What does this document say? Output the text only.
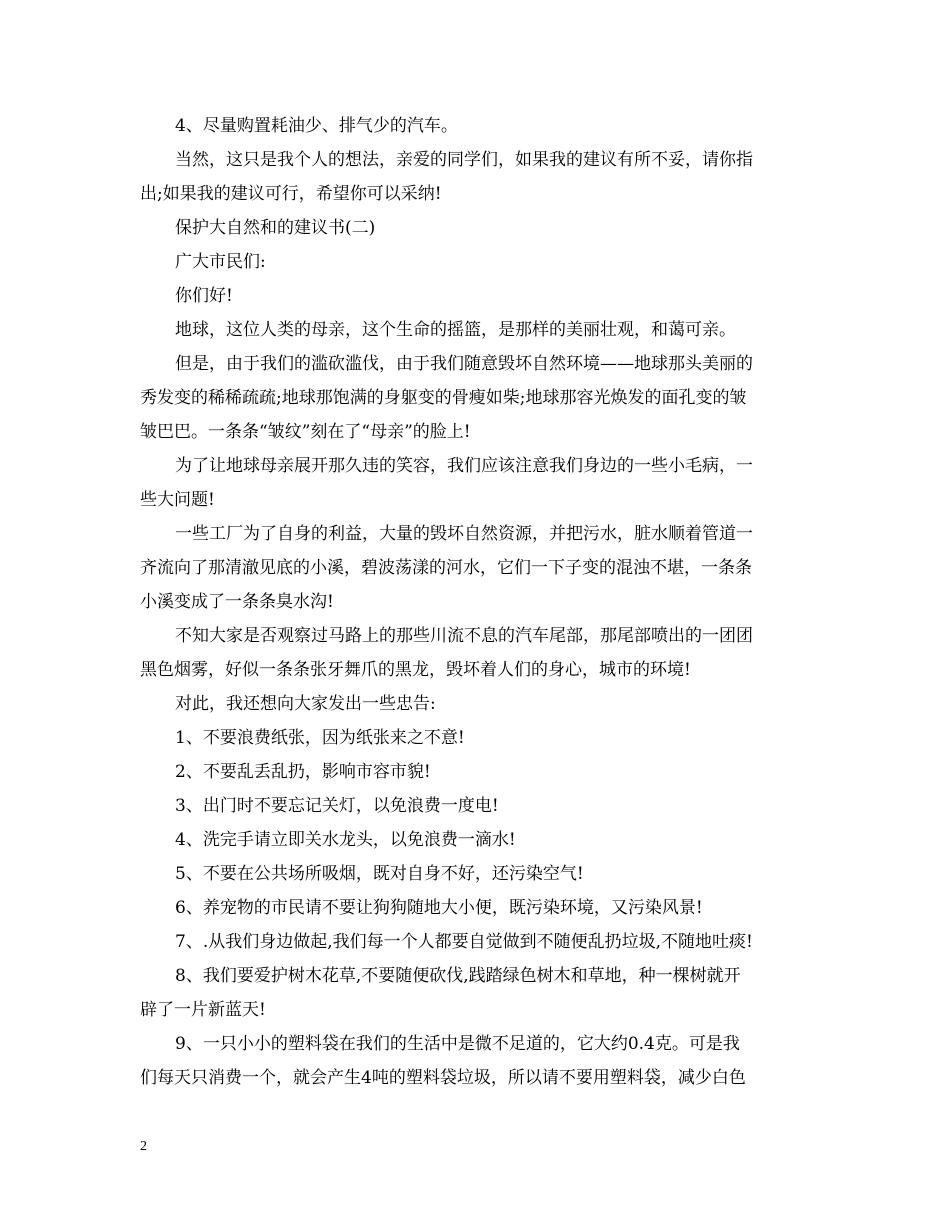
4、尽量购置耗油少、排气少的汽车。
当然，这只是我个人的想法，亲爱的同学们，如果我的建议有所不妥，请你指
出;如果我的建议可行，希望你可以采纳!
保护大自然和的建议书(二)
广大市民们:
你们好!
地球，这位人类的母亲，这个生命的摇篮，是那样的美丽壮观，和蔼可亲。
但是，由于我们的滥砍滥伐，由于我们随意毁坏自然环境——地球那头美丽的
秀发变的稀稀疏疏;地球那饱满的身躯变的骨瘦如柴;地球那容光焕发的面孔变的皱
皱巴巴。一条条“皱纹”刻在了“母亲”的脸上!
为了让地球母亲展开那久违的笑容，我们应该注意我们身边的一些小毛病，一
些大问题!
一些工厂为了自身的利益，大量的毁坏自然资源，并把污水，脏水顺着管道一
齐流向了那清澈见底的小溪，碧波荡漾的河水，它们一下子变的混浊不堪，一条条
小溪变成了一条条臭水沟!
不知大家是否观察过马路上的那些川流不息的汽车尾部，那尾部喷出的一团团
黑色烟雾，好似一条条张牙舞爪的黑龙，毁坏着人们的身心，城市的环境!
对此，我还想向大家发出一些忠告:
1、不要浪费纸张，因为纸张来之不意!
2、不要乱丢乱扔，影响市容市貌!
3、出门时不要忘记关灯，以免浪费一度电!
4、洗完手请立即关水龙头，以免浪费一滴水!
5、不要在公共场所吸烟，既对自身不好，还污染空气!
6、养宠物的市民请不要让狗狗随地大小便，既污染环境，又污染风景!
7、.从我们身边做起,我们每一个人都要自觉做到不随便乱扔垃圾,不随地吐痰!
8、我们要爱护树木花草,不要随便砍伐,践踏绿色树木和草地，种一棵树就开
辟了一片新蓝天!
9、一只小小的塑料袋在我们的生活中是微不足道的，它大约0.4克。可是我
们每天只消费一个，就会产生4吨的塑料袋垃圾，所以请不要用塑料袋，减少白色
2
